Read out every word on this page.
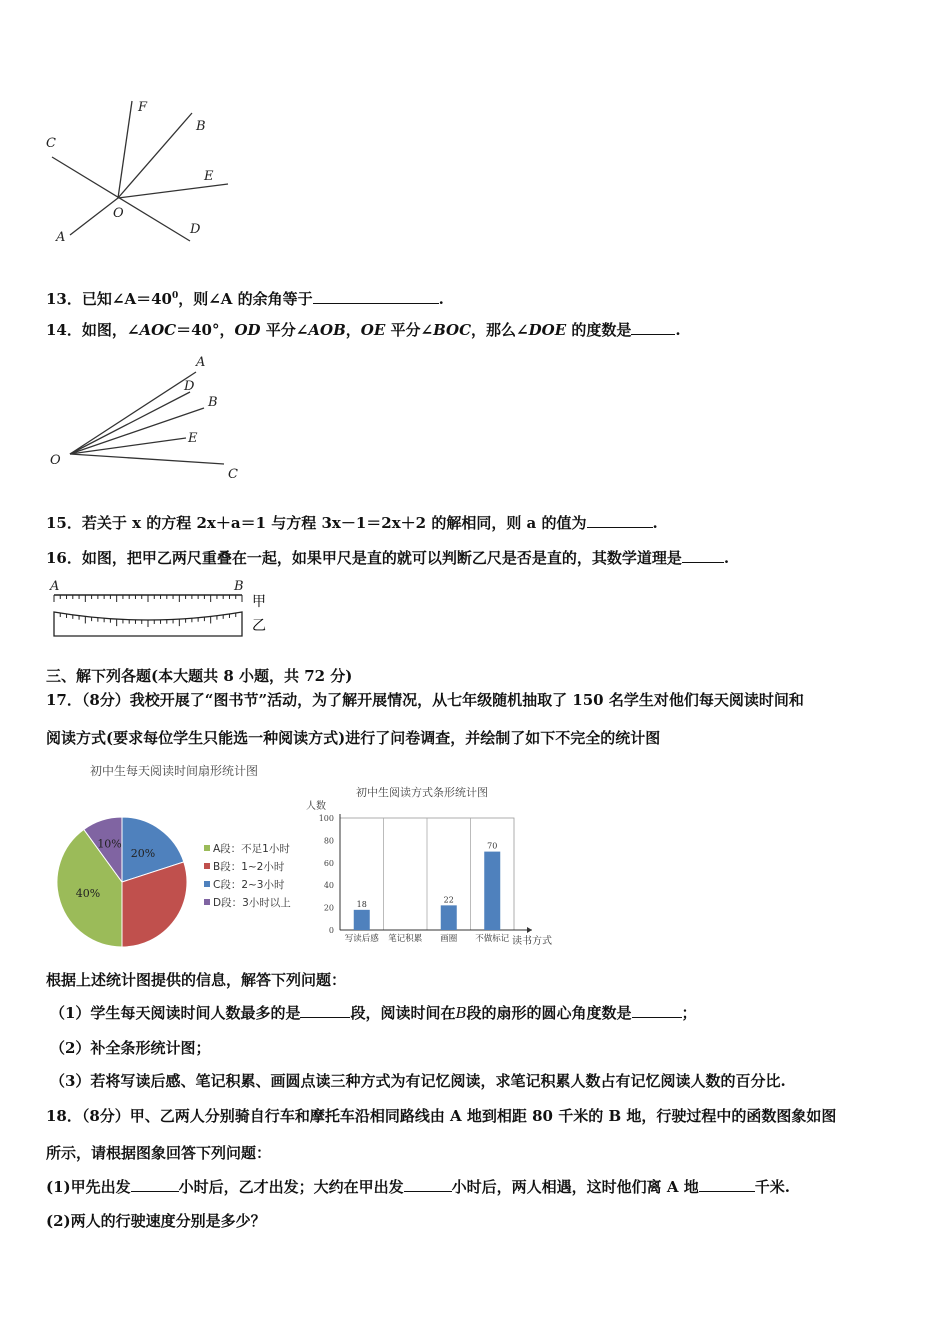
F
B
C
E
O
A
D
13．已知$\angle A=40^0$，则∠A 的余角等于	.
14．如图，∠AOC＝40°，OD 平分∠AOB，OE 平分∠BOC，那么∠DOE 的度数是	.
A
D
B
E
O
C
15．若关于 x 的方程 2x＋a＝1 与方程 3x－1＝2x＋2 的解相同，则 a 的值为	.
16．如图，把甲乙两尺重叠在一起，如果甲尺是直的就可以判断乙尺是否是直的，其数学道理是	.
A	B
甲
乙
三、解下列各题(本大题共 8 小题，共 72 分)
17．（8分）我校开展了“图书节”活动，为了解开展情况，从七年级随机抽取了 150 名学生对他们每天阅读时间和
阅读方式(要求每位学生只能选一种阅读方式)进行了问卷调查，并绘制了如下不完全的统计图
初中生每天阅读时间扇形统计图
20%
40%
10%	A段：不足1小时
B段：1~2小时
C段：2~3小时
D段：3小时以上
初中生阅读方式条形统计图
人数
0
20
40
60
80
100
18	22
70
写读后感 笔记积累 画圈 不做标记 读书方式
根据上述统计图提供的信息，解答下列问题：
（1）学生每天阅读时间人数最多的是	段，阅读时间在B段的扇形的圆心角度数是	；
（2）补全条形统计图；
（3）若将写读后感、笔记积累、画圆点读三种方式为有记忆阅读，求笔记积累人数占有记忆阅读人数的百分比.
18．（8分）甲、乙两人分别骑自行车和摩托车沿相同路线由 A 地到相距 80 千米的 B 地，行驶过程中的函数图象如图
所示，请根据图象回答下列问题：
(1)甲先出发	小时后，乙才出发；大约在甲出发	小时后，两人相遇，这时他们离 A 地	千米.
(2)两人的行驶速度分别是多少？
